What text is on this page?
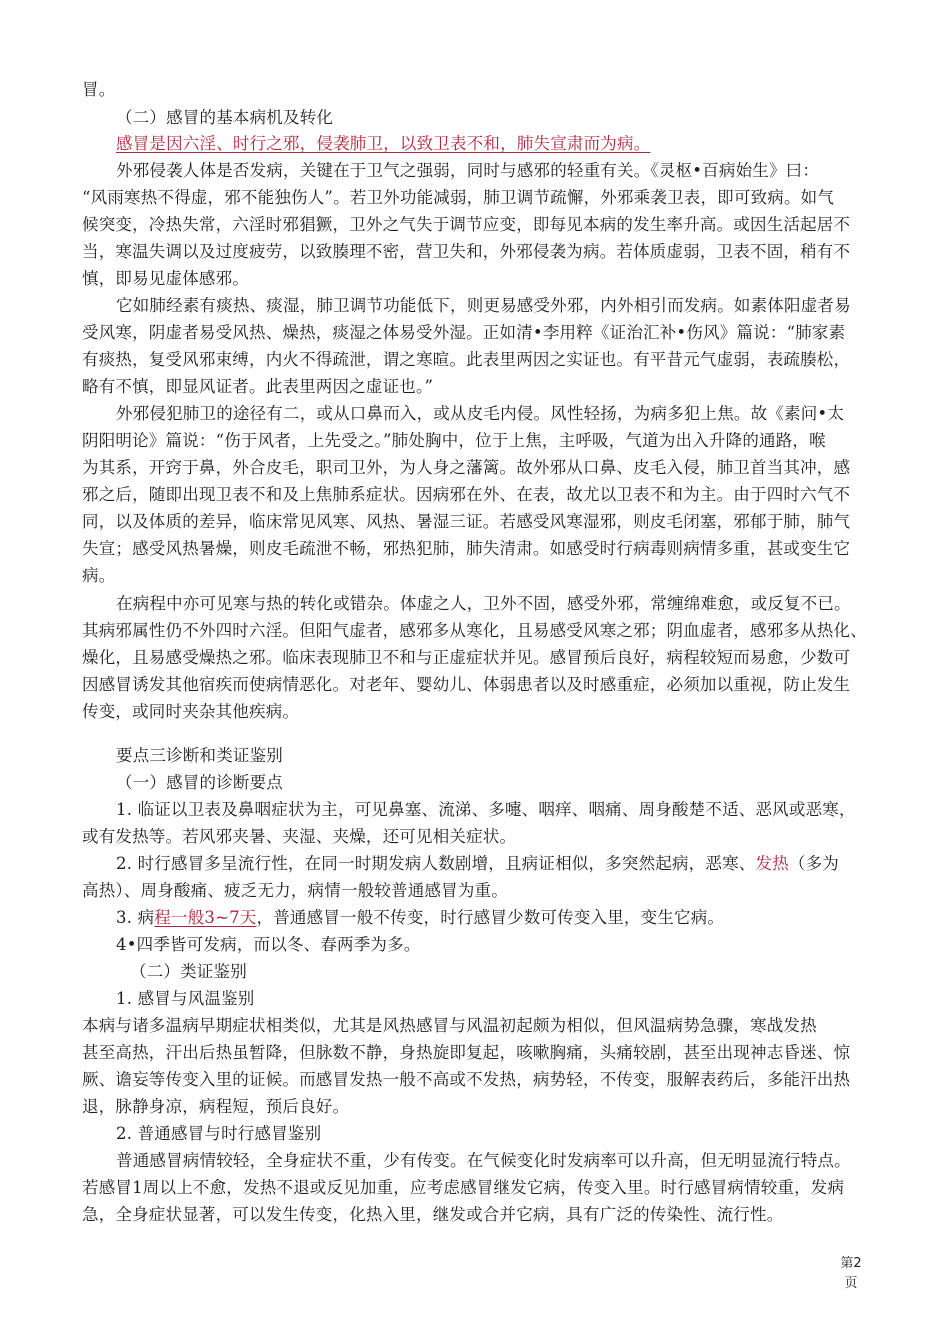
冒。
（二）感冒的基本病机及转化
感冒是因六淫、时行之邪，侵袭肺卫，以致卫表不和，肺失宣肃而为病。
外邪侵袭人体是否发病，关键在于卫气之强弱，同时与感邪的轻重有关。《灵枢•百病始生》曰：
“风雨寒热不得虚，邪不能独伤人”。若卫外功能减弱，肺卫调节疏懈，外邪乘袭卫表，即可致病。如气
候突变，冷热失常，六淫时邪猖獗，卫外之气失于调节应变，即每见本病的发生率升高。或因生活起居不
当，寒温失调以及过度疲劳，以致腠理不密，营卫失和，外邪侵袭为病。若体质虚弱，卫表不固，稍有不
慎，即易见虚体感邪。
它如肺经素有痰热、痰湿，肺卫调节功能低下，则更易感受外邪，内外相引而发病。如素体阳虚者易
受风寒，阴虚者易受风热、燥热，痰湿之体易受外湿。正如清•李用粹《证治汇补•伤风》篇说：“肺家素
有痰热，复受风邪束缚，内火不得疏泄，谓之寒暄。此表里两因之实证也。有平昔元气虚弱，表疏腠松，
略有不慎，即显风证者。此表里两因之虚证也。”
外邪侵犯肺卫的途径有二，或从口鼻而入，或从皮毛内侵。风性轻扬，为病多犯上焦。故《素问•太
阴阳明论》篇说：“伤于风者，上先受之。”肺处胸中，位于上焦，主呼吸，气道为出入升降的通路，喉
为其系，开窍于鼻，外合皮毛，职司卫外，为人身之藩篱。故外邪从口鼻、皮毛入侵，肺卫首当其冲，感
邪之后，随即出现卫表不和及上焦肺系症状。因病邪在外、在表，故尤以卫表不和为主。由于四时六气不
同，以及体质的差异，临床常见风寒、风热、暑湿三证。若感受风寒湿邪，则皮毛闭塞，邪郁于肺，肺气
失宣；感受风热暑燥，则皮毛疏泄不畅，邪热犯肺，肺失清肃。如感受时行病毒则病情多重，甚或变生它
病。
在病程中亦可见寒与热的转化或错杂。体虚之人，卫外不固，感受外邪，常缠绵难愈，或反复不已。
其病邪属性仍不外四时六淫。但阳气虚者，感邪多从寒化，且易感受风寒之邪；阴血虚者，感邪多从热化、
燥化，且易感受燥热之邪。临床表现肺卫不和与正虚症状并见。感冒预后良好，病程较短而易愈，少数可
因感冒诱发其他宿疾而使病情恶化。对老年、婴幼儿、体弱患者以及时感重症，必须加以重视，防止发生
传变，或同时夹杂其他疾病。
要点三诊断和类证鉴别
（一）感冒的诊断要点
1. 临证以卫表及鼻咽症状为主，可见鼻塞、流涕、多嚏、咽痒、咽痛、周身酸楚不适、恶风或恶寒，
或有发热等。若风邪夹暑、夹湿、夹燥，还可见相关症状。
2. 时行感冒多呈流行性，在同一时期发病人数剧增，且病证相似，多突然起病，恶寒、发热（多为
高热）、周身酸痛、疲乏无力，病情一般较普通感冒为重。
3. 病程一般3~7天，普通感冒一般不传变，时行感冒少数可传变入里，变生它病。
4•四季皆可发病，而以冬、春两季为多。
（二）类证鉴别
1. 感冒与风温鉴别
本病与诸多温病早期症状相类似，尤其是风热感冒与风温初起颇为相似，但风温病势急骤，寒战发热
甚至高热，汗出后热虽暂降，但脉数不静，身热旋即复起，咳嗽胸痛，头痛较剧，甚至出现神志昏迷、惊
厥、谵妄等传变入里的证候。而感冒发热一般不高或不发热，病势轻，不传变，服解表药后，多能汗出热
退，脉静身凉，病程短，预后良好。
2. 普通感冒与时行感冒鉴别
普通感冒病情较轻，全身症状不重，少有传变。在气候变化时发病率可以升高，但无明显流行特点。
若感冒1周以上不愈，发热不退或反见加重，应考虑感冒继发它病，传变入里。时行感冒病情较重，发病
急，全身症状显著，可以发生传变，化热入里，继发或合并它病，具有广泛的传染性、流行性。
第2
页
